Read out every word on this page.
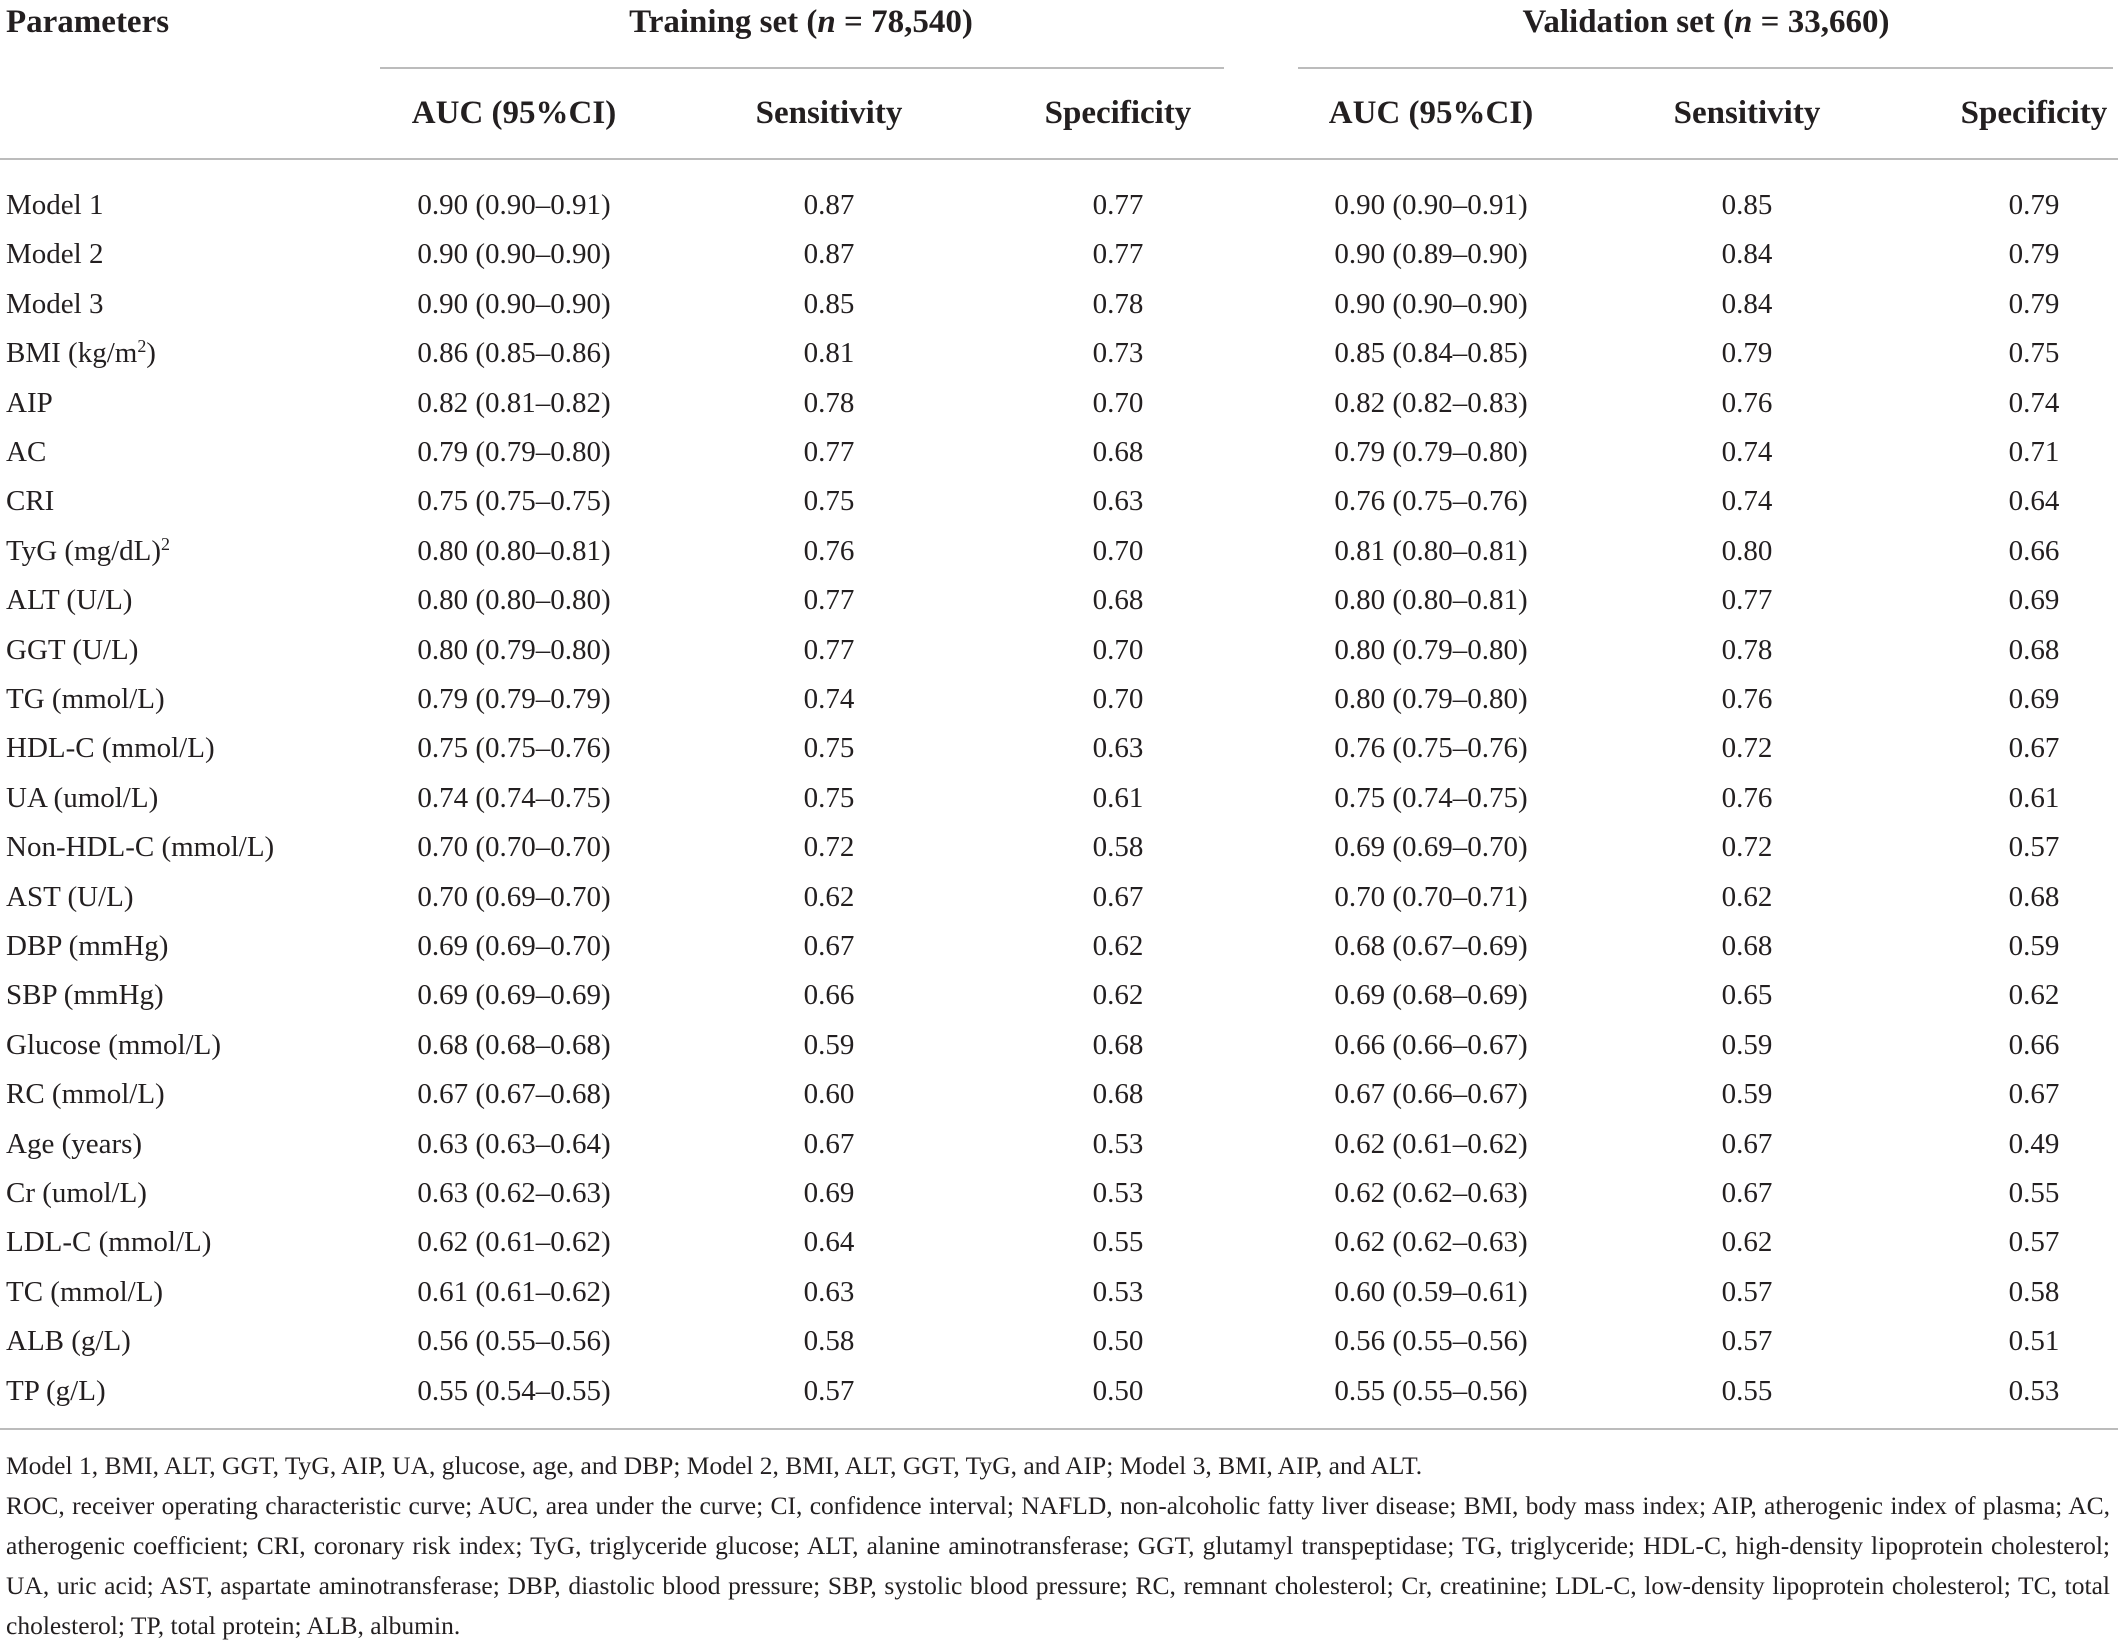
Parameters	Training set (n = 78,540)	Validation set (n = 33,660)
AUC (95%CI)	Sensitivity	Specificity	AUC (95%CI)	Sensitivity	Specificity
Model 1	0.90 (0.90–0.91)	0.87	0.77	0.90 (0.90–0.91)	0.85	0.79
Model 2	0.90 (0.90–0.90)	0.87	0.77	0.90 (0.89–0.90)	0.84	0.79
Model 3	0.90 (0.90–0.90)	0.85	0.78	0.90 (0.90–0.90)	0.84	0.79
BMI $(kg/m^2)$	0.86 (0.85–0.86)	0.81	0.73	0.85 (0.84–0.85)	0.79	0.75
AIP	0.82 (0.81–0.82)	0.78	0.70	0.82 (0.82–0.83)	0.76	0.74
AC	0.79 (0.79–0.80)	0.77	0.68	0.79 (0.79–0.80)	0.74	0.71
CRI	0.75 (0.75–0.75)	0.75	0.63	0.76 (0.75–0.76)	0.74	0.64
TyG $(mg/dL)^2$	0.80 (0.80–0.81)	0.76	0.70	0.81 (0.80–0.81)	0.80	0.66
ALT (U/L)	0.80 (0.80–0.80)	0.77	0.68	0.80 (0.80–0.81)	0.77	0.69
GGT (U/L)	0.80 (0.79–0.80)	0.77	0.70	0.80 (0.79–0.80)	0.78	0.68
TG (mmol/L)	0.79 (0.79–0.79)	0.74	0.70	0.80 (0.79–0.80)	0.76	0.69
HDL-C (mmol/L)	0.75 (0.75–0.76)	0.75	0.63	0.76 (0.75–0.76)	0.72	0.67
UA (umol/L)	0.74 (0.74–0.75)	0.75	0.61	0.75 (0.74–0.75)	0.76	0.61
Non-HDL-C (mmol/L)	0.70 (0.70–0.70)	0.72	0.58	0.69 (0.69–0.70)	0.72	0.57
AST (U/L)	0.70 (0.69–0.70)	0.62	0.67	0.70 (0.70–0.71)	0.62	0.68
DBP (mmHg)	0.69 (0.69–0.70)	0.67	0.62	0.68 (0.67–0.69)	0.68	0.59
SBP (mmHg)	0.69 (0.69–0.69)	0.66	0.62	0.69 (0.68–0.69)	0.65	0.62
Glucose (mmol/L)	0.68 (0.68–0.68)	0.59	0.68	0.66 (0.66–0.67)	0.59	0.66
RC (mmol/L)	0.67 (0.67–0.68)	0.60	0.68	0.67 (0.66–0.67)	0.59	0.67
Age (years)	0.63 (0.63–0.64)	0.67	0.53	0.62 (0.61–0.62)	0.67	0.49
Cr (umol/L)	0.63 (0.62–0.63)	0.69	0.53	0.62 (0.62–0.63)	0.67	0.55
LDL-C (mmol/L)	0.62 (0.61–0.62)	0.64	0.55	0.62 (0.62–0.63)	0.62	0.57
TC (mmol/L)	0.61 (0.61–0.62)	0.63	0.53	0.60 (0.59–0.61)	0.57	0.58
ALB (g/L)	0.56 (0.55–0.56)	0.58	0.50	0.56 (0.55–0.56)	0.57	0.51
TP (g/L)	0.55 (0.54–0.55)	0.57	0.50	0.55 (0.55–0.56)	0.55	0.53
Model 1, BMI, ALT, GGT, TyG, AIP, UA, glucose, age, and DBP; Model 2, BMI, ALT, GGT, TyG, and AIP; Model 3, BMI, AIP, and ALT.
ROC, receiver operating characteristic curve; AUC, area under the curve; CI, confidence interval; NAFLD, non-alcoholic fatty liver disease; BMI, body mass index; AIP, atherogenic index of plasma; AC, atherogenic coefficient; CRI, coronary risk index; TyG, triglyceride glucose; ALT, alanine aminotransferase; GGT, glutamyl transpeptidase; TG, triglyceride; HDL-C, high-density lipoprotein cholesterol; UA, uric acid; AST, aspartate aminotransferase; DBP, diastolic blood pressure; SBP, systolic blood pressure; RC, remnant cholesterol; Cr, creatinine; LDL-C, low-density lipoprotein cholesterol; TC, total cholesterol; TP, total protein; ALB, albumin.
